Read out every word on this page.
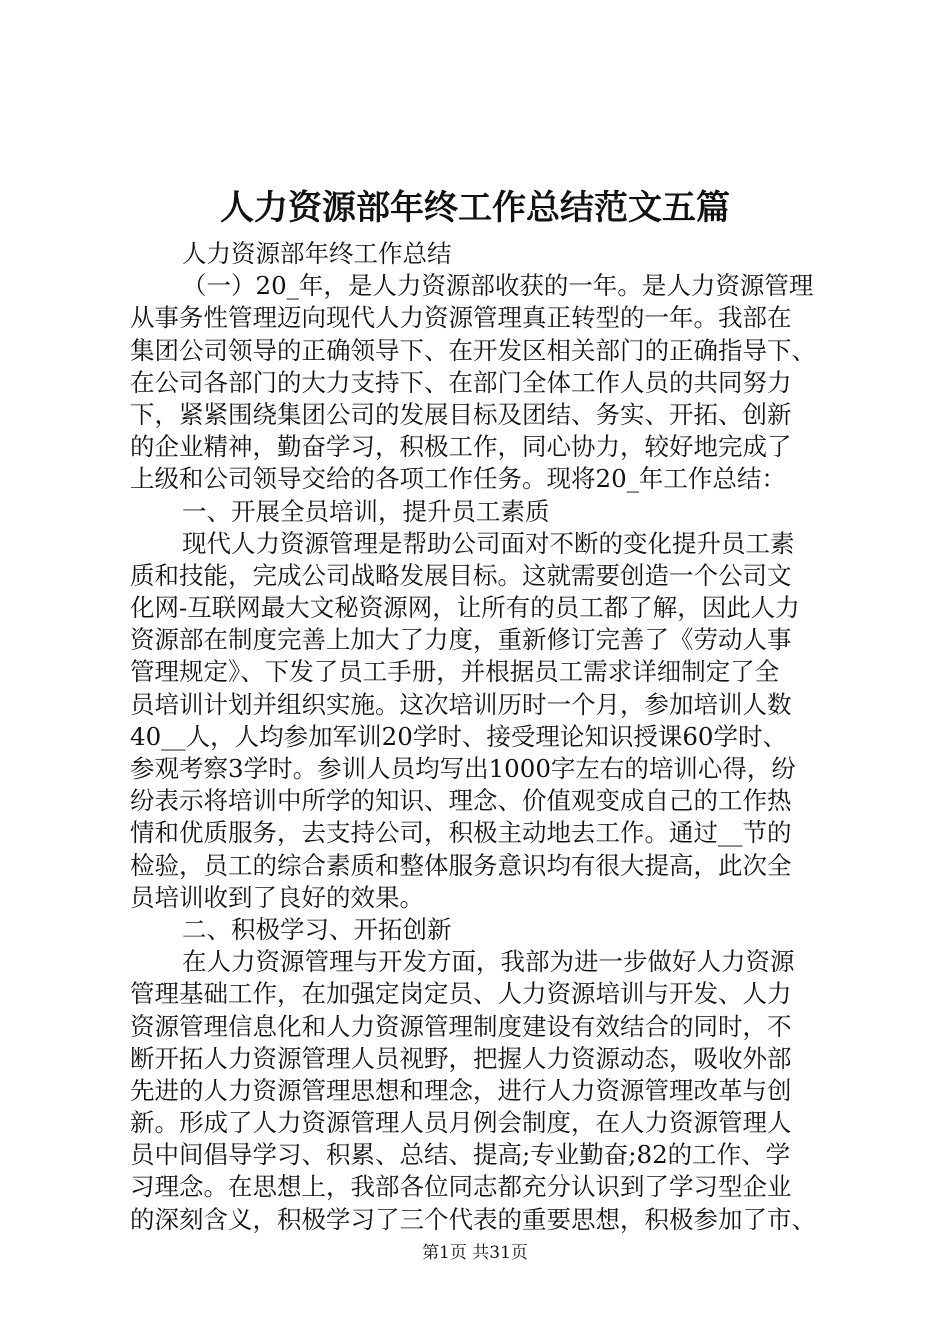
人力资源部年终工作总结范文五篇
人力资源部年终工作总结
（一）20_年，是人力资源部收获的一年。是人力资源管理
从事务性管理迈向现代人力资源管理真正转型的一年。我部在
集团公司领导的正确领导下、在开发区相关部门的正确指导下、
在公司各部门的大力支持下、在部门全体工作人员的共同努力
下，紧紧围绕集团公司的发展目标及团结、务实、开拓、创新
的企业精神，勤奋学习，积极工作，同心协力，较好地完成了
上级和公司领导交给的各项工作任务。现将20_年工作总结：
一、开展全员培训，提升员工素质
现代人力资源管理是帮助公司面对不断的变化提升员工素
质和技能，完成公司战略发展目标。这就需要创造一个公司文
化网-互联网最大文秘资源网，让所有的员工都了解，因此人力
资源部在制度完善上加大了力度，重新修订完善了《劳动人事
管理规定》、下发了员工手册，并根据员工需求详细制定了全
员培训计划并组织实施。这次培训历时一个月，参加培训人数
40__人，人均参加军训20学时、接受理论知识授课60学时、
参观考察3学时。参训人员均写出1000字左右的培训心得，纷
纷表示将培训中所学的知识、理念、价值观变成自己的工作热
情和优质服务，去支持公司，积极主动地去工作。通过__节的
检验，员工的综合素质和整体服务意识均有很大提高，此次全
员培训收到了良好的效果。
二、积极学习、开拓创新
在人力资源管理与开发方面，我部为进一步做好人力资源
管理基础工作，在加强定岗定员、人力资源培训与开发、人力
资源管理信息化和人力资源管理制度建设有效结合的同时，不
断开拓人力资源管理人员视野，把握人力资源动态，吸收外部
先进的人力资源管理思想和理念，进行人力资源管理改革与创
新。形成了人力资源管理人员月例会制度，在人力资源管理人
员中间倡导学习、积累、总结、提高;专业勤奋;82的工作、学
习理念。在思想上，我部各位同志都充分认识到了学习型企业
的深刻含义，积极学习了三个代表的重要思想，积极参加了市、
第1页 共31页
